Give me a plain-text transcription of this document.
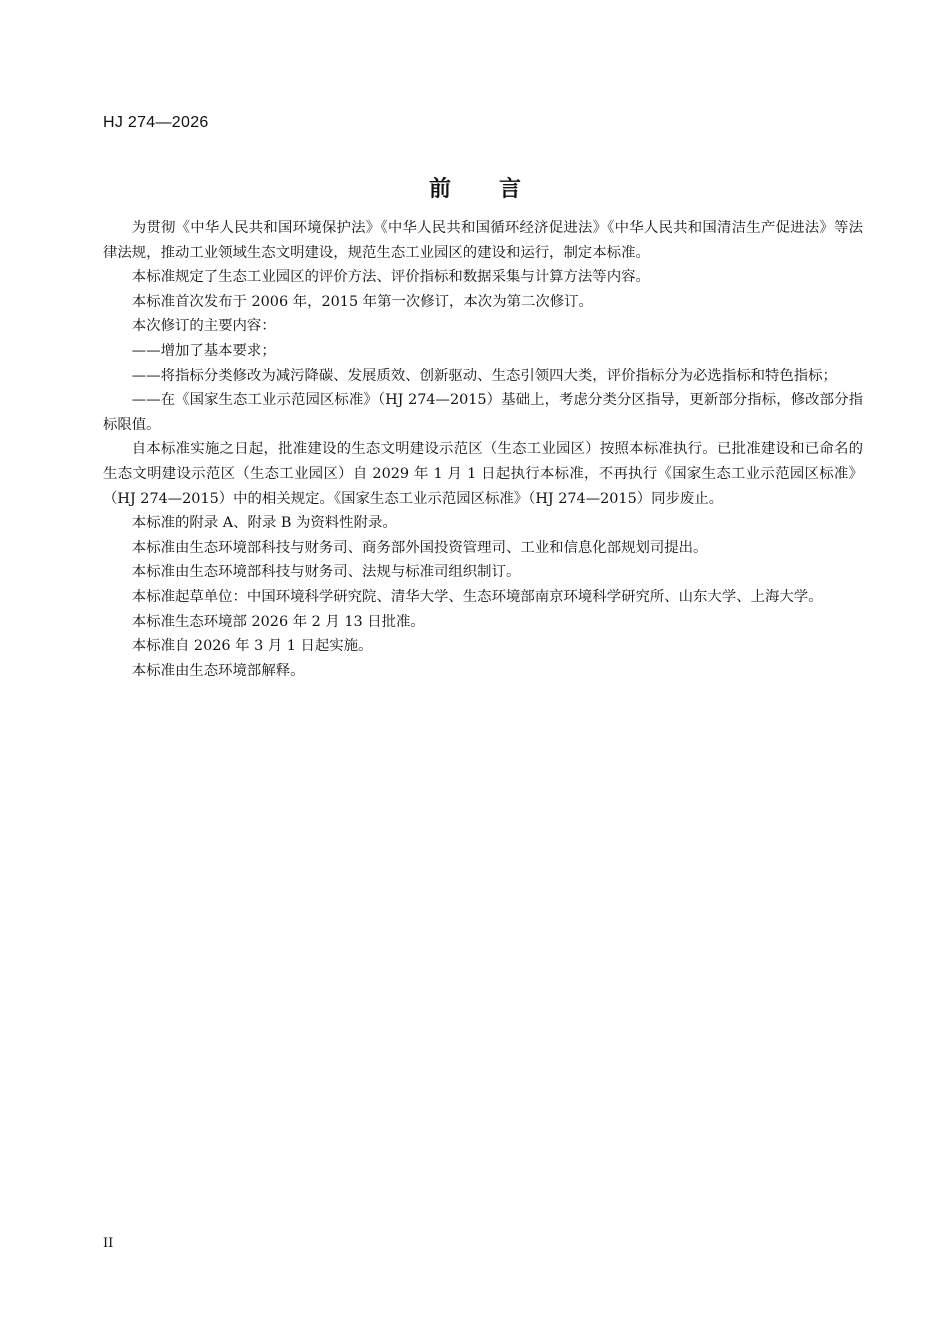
HJ 274—2026
前 言

为贯彻《中华人民共和国环境保护法》《中华人民共和国循环经济促进法》《中华人民共和国清洁生产促进法》等法律法规，推动工业领域生态文明建设，规范生态工业园区的建设和运行，制定本标准。

本标准规定了生态工业园区的评价方法、评价指标和数据采集与计算方法等内容。

本标准首次发布于 2006 年，2015 年第一次修订，本次为第二次修订。

本次修订的主要内容：

——增加了基本要求；

——将指标分类修改为减污降碳、发展质效、创新驱动、生态引领四大类，评价指标分为必选指标和特色指标；

——在《国家生态工业示范园区标准》（HJ 274—2015）基础上，考虑分类分区指导，更新部分指标，修改部分指标限值。

自本标准实施之日起，批准建设的生态文明建设示范区（生态工业园区）按照本标准执行。已批准建设和已命名的生态文明建设示范区（生态工业园区）自 2029 年 1 月 1 日起执行本标准，不再执行《国家生态工业示范园区标准》（HJ 274—2015）中的相关规定。《国家生态工业示范园区标准》（HJ 274—2015）同步废止。

本标准的附录 A、附录 B 为资料性附录。

本标准由生态环境部科技与财务司、商务部外国投资管理司、工业和信息化部规划司提出。

本标准由生态环境部科技与财务司、法规与标准司组织制订。

本标准起草单位：中国环境科学研究院、清华大学、生态环境部南京环境科学研究所、山东大学、上海大学。

本标准生态环境部 2026 年 2 月 13 日批准。

本标准自 2026 年 3 月 1 日起实施。

本标准由生态环境部解释。

II
